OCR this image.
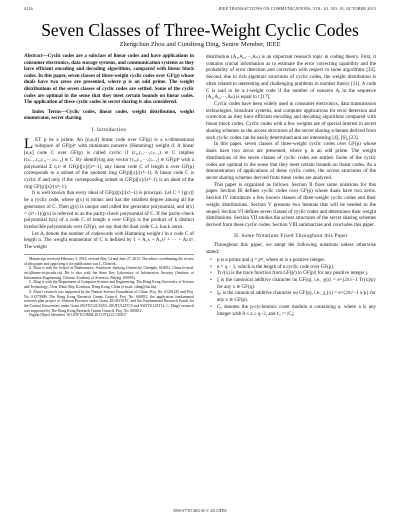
4126	IEEE TRANSACTIONS ON COMMUNICATIONS, VOL. 61, NO. 10, OCTOBER 2013
Seven Classes of Three-Weight Cyclic Codes
Zhengchun Zhou and Cunsheng Ding, Senior Member, IEEE

Abstract—Cyclic codes are a subclass of linear codes and have applications in consumer electronics, data storage systems, and communication systems as they have efficient encoding and decoding algorithms, compared with linear block codes. In this paper, seven classes of three-weight cyclic codes over GF(p) whose duals have two zeros are presented, where p is an odd prime. The weight distributions of the seven classes of cyclic codes are settled. Some of the cyclic codes are optimal in the sense that they meet certain bounds on linear codes. The application of these cyclic codes in secret sharing is also considered.

Index Terms—Cyclic codes, linear codes, weight distribution, weight enumerator, secret sharing.

I. Introduction
L ET p be a prime. An [n,κ,d] linear code over GF(p) is a κ-dimensional subspace of GF(p)ⁿ with minimum nonzero (Hamming) weight d. A linear [n,κ] code C over GF(p) is called cyclic if (c₀,c₁,···,cₙ₋₁) ∈ C implies (cₙ₋₁,c₀,c₁,···,cₙ₋₂) ∈ C. By identifying any vector (c₀,c₁,···,cₙ₋₁) ∈ GF(p)ⁿ with a polynomial Σ cᵢxⁱ ∈ GF(p)[x]/(xⁿ−1), any linear code C of length n over GF(p) corresponds to a subset of the quotient ring GF(p)[x]/(xⁿ−1). A linear code C is cyclic if and only if the corresponding subset in GF(p)[x]/(xⁿ−1) is an ideal of the ring GF(p)[x]/(xⁿ−1).

It is well known that every ideal of GF(p)[x]/(xⁿ−1) is principal. Let C = ⟨g(x)⟩ be a cyclic code, where g(x) is monic and has the smallest degree among all the generators of C. Then g(x) is unique and called the generator polynomial, and h(x) = (xⁿ−1)/g(x) is referred to as the parity-check polynomial of C. If the parity-check polynomial h(x) of a code C of length n over GF(p) is the product of k distinct irreducible polynomials over GF(p), we say that the dual code C⊥ has k zeros.

Let Aᵢ denote the number of codewords with Hamming weight i in a code C of length n. The weight enumerator of C is defined by 1 + A₁x + A₂x² + ··· + Aₙxⁿ. The weight

Manuscript received February 5, 2013; revised May 14 and June 27, 2013. The editor coordinating the review of this paper and approving it for publication was L. Dolecek.

Z. Zhou is with the School of Mathematics, Southwest Jiaotong University, Chengdu, 610031, China (e-mail: zzc@home.swjtu.edu.cn). He is also with the State Key Laboratory of Information Security (Institute of Information Engineering, Chinese Academy of Sciences, Beijing 100093).

C. Ding is with the Department of Computer Science and Engineering, The Hong Kong University of Science and Technology, Clear Water Bay, Kowloon, Hong Kong, China (e-mail: cding@ust.hk).

Z. Zhou's research was supported by the Natural Science Foundation of China, Proj. No. 61201243 and Proj. No. 61373009, The Hong Kong Research Grants Council, Proj. No. 600812, the application fundamental research plan project of Sichuan Province under Grant 2013JY0167, and the Fundamental Research Funds for the Central Universities under Grant SWJTU12CX053, SWJTU12ZT15 and SWJTU12ZT14. C. Ding's research was supported by The Hong Kong Research Grants Council, Proj. No. 600812.

Digital Object Identifier 10.1109/TCOMM.2013.072213.130107

distribution (A₁,A₂,···,Aₙ) is an important research topic in coding theory. First, it contains crucial information as to estimate the error correcting capability and the probability of error detection and correction with respect to some algorithms [33]. Second, due to rich algebraic structures of cyclic codes, the weight distribution is often related to interesting and challenging problems in number theory [11]. A code C is said to be a t-weight code if the number of nonzero Aᵢ in the sequence (A₁,A₂,···,Aₙ) is equal to t [17].

Cyclic codes have been widely used in consumer electronics, data transmission technologies, broadcast systems, and computer applications for error detection and correction as they have efficient encoding and decoding algorithms compared with linear block codes. Cyclic codes with a few weights are of special interest in secret sharing schemes as the access structures of the secret sharing schemes derived from such cyclic codes can be easily determined and are interesting [4], [6], [23].

In this paper, seven classes of three-weight cyclic codes over GF(p) whose duals have two zeros are presented, where p is an odd prime. The weight distributions of the seven classes of cyclic codes are settled. Some of the cyclic codes are optimal in the sense that they meet certain bounds on linear codes. As a demonstration of applications of these cyclic codes, the access structures of the secret sharing schemes derived from these codes are analyzed.

This paper is organized as follows. Section II fixes some notations for this paper. Section III defines cyclic codes over GF(p) whose duals have two zeros. Section IV introduces a few known classes of three-weight cyclic codes and their weight distributions. Section V presents two lemmas that will be needed in the sequel. Section VI defines seven classes of cyclic codes and determines their weight distributions. Section VII studies the access structures of the secret sharing schemes derived from these cyclic codes. Section VIII summarizes and concludes this paper.

II. Some Notations Fixed Throughout this Paper

Throughout this paper, we adopt the following notations unless otherwise stated:

• p is a prime and q = pᵐ, where m is a positive integer.
• n = q − 1, which is the length of a cyclic code over GF(p).
• Trⱼⁱ(x) is the trace function from GF(pⁱ) to GF(pʲ) for any positive integer j.
• ξ is the canonical additive character on GF(q), i.e., χ(x) = e^{2π√−1 Tr(x)/p} for any x ∈ GF(q).
• ξₚ is the canonical additive character on GF(p), i.e., χ₁(x) = e^{2π√−1 x/p} for any x ∈ GF(p).
• Cₐ denotes the p-cyclotomic coset modulo n containing a, where a is any integer with 0 ≤ a ≤ q−2, and ℓₐ := |Cₐ|
0090-6778/13$31.00 © 2013 IEEE
